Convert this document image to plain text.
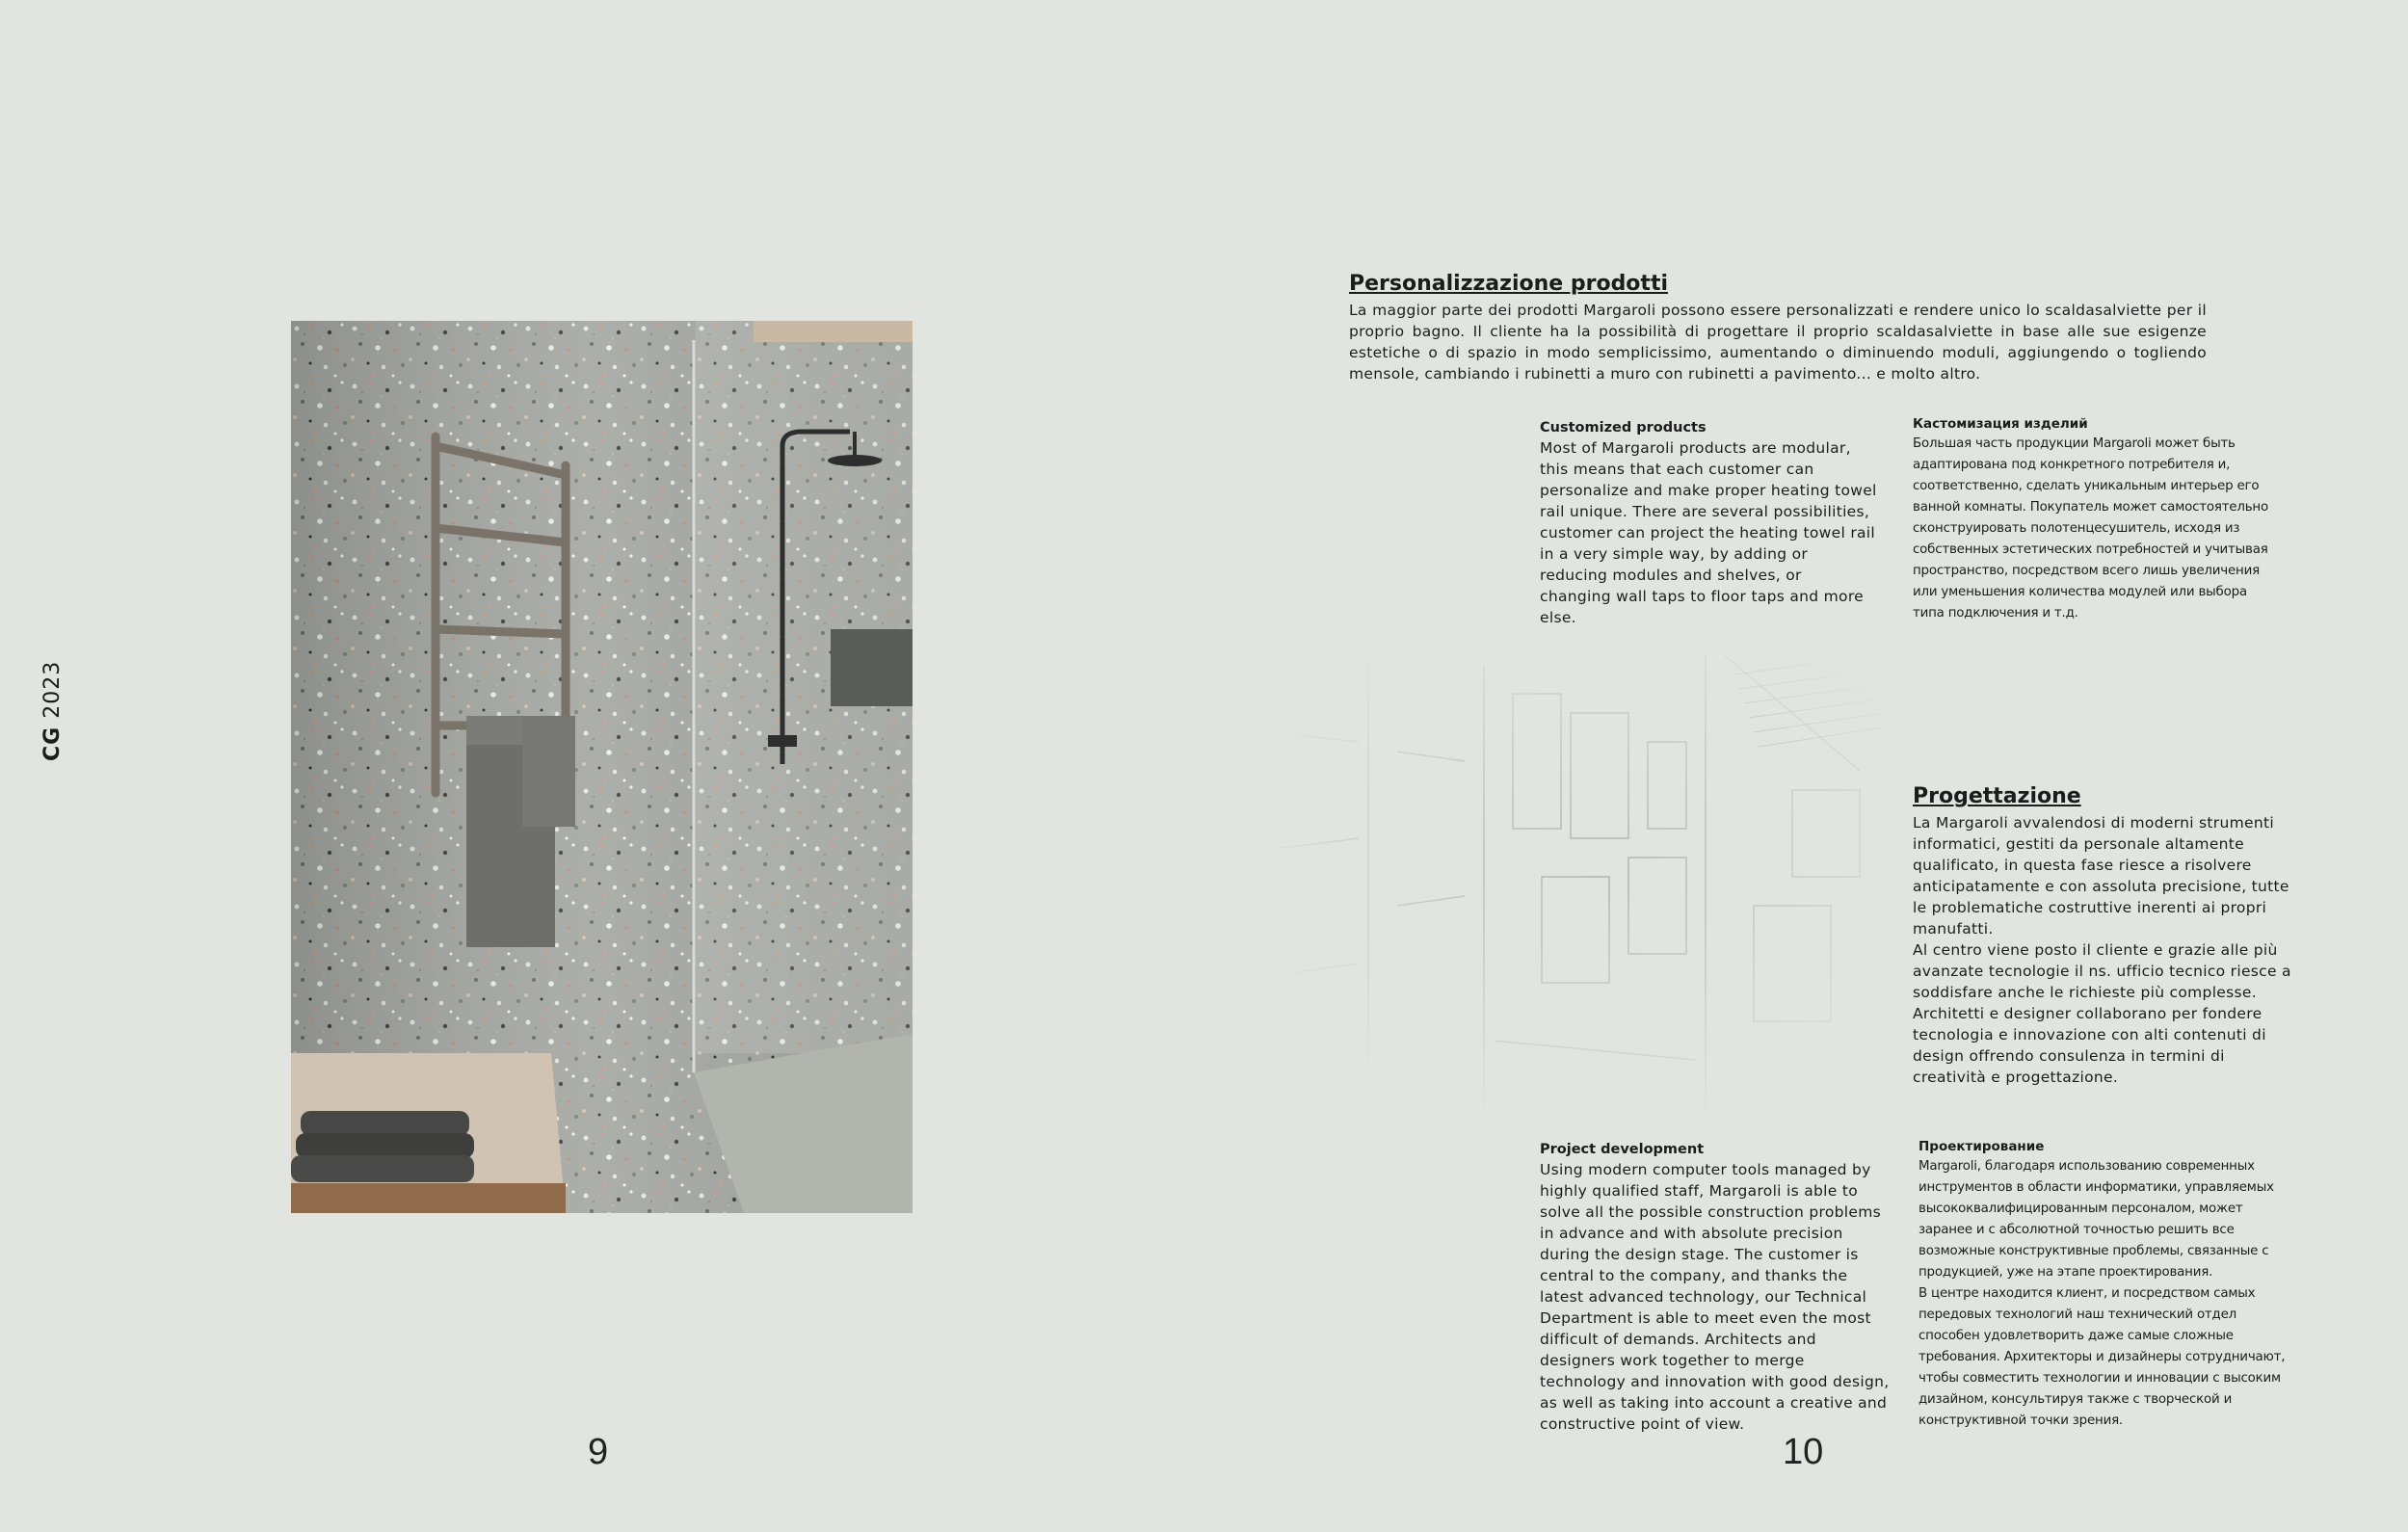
CG 2023
Personalizzazione prodotti

La maggior parte dei prodotti Margaroli possono essere personalizzati e rendere unico lo scaldasalviette per il proprio bagno. Il cliente ha la possibilità di progettare il proprio scaldasalviette in base alle sue esigenze estetiche o di spazio in modo semplicissimo, aumentando o diminuendo moduli, aggiungendo o togliendo mensole, cambiando i rubinetti a muro con rubinetti a pavimento... e molto altro.

Customized products

Most of Margaroli products are modular, this means that each customer can personalize and make proper heating towel rail unique. There are several possibilities, customer can project the heating towel rail in a very simple way, by adding or reducing modules and shelves, or changing wall taps to floor taps and more else.

Кастомизация изделий

Большая часть продукции Margaroli может быть адаптирована под конкретного потребителя и, соответственно, сделать уникальным интерьер его ванной комнаты. Покупатель может самостоятельно сконструировать полотенцесушитель, исходя из собственных эстетических потребностей и учитывая пространство, посредством всего лишь увеличения или уменьшения количества модулей или выбора типа подключения и т.д.

Progettazione

La Margaroli avvalendosi di moderni strumenti informatici, gestiti da personale altamente qualificato, in questa fase riesce a risolvere anticipatamente e con assoluta precisione, tutte le problematiche costruttive inerenti ai propri manufatti.

Al centro viene posto il cliente e grazie alle più avanzate tecnologie il ns. ufficio tecnico riesce a soddisfare anche le richieste più complesse. Architetti e designer collaborano per fondere tecnologia e innovazione con alti contenuti di design offrendo consulenza in termini di creatività e progettazione.

Project development

Using modern computer tools managed by highly qualified staff, Margaroli is able to solve all the possible construction problems in advance and with absolute precision during the design stage. The customer is central to the company, and thanks the latest advanced technology, our Technical Department is able to meet even the most difficult of demands. Architects and designers work together to merge technology and innovation with good design, as well as taking into account a creative and constructive point of view.

Проектирование

Margaroli, благодаря использованию современных инструментов в области информатики, управляемых высококвалифицированным персоналом, может заранее и с абсолютной точностью решить все возможные конструктивные проблемы, связанные с продукцией, уже на этапе проектирования.

В центре находится клиент, и посредством самых передовых технологий наш технический отдел способен удовлетворить даже самые сложные требования. Архитекторы и дизайнеры сотрудничают, чтобы совместить технологии и инновации с высоким дизайном, консультируя также с творческой и конструктивной точки зрения.

9	10
